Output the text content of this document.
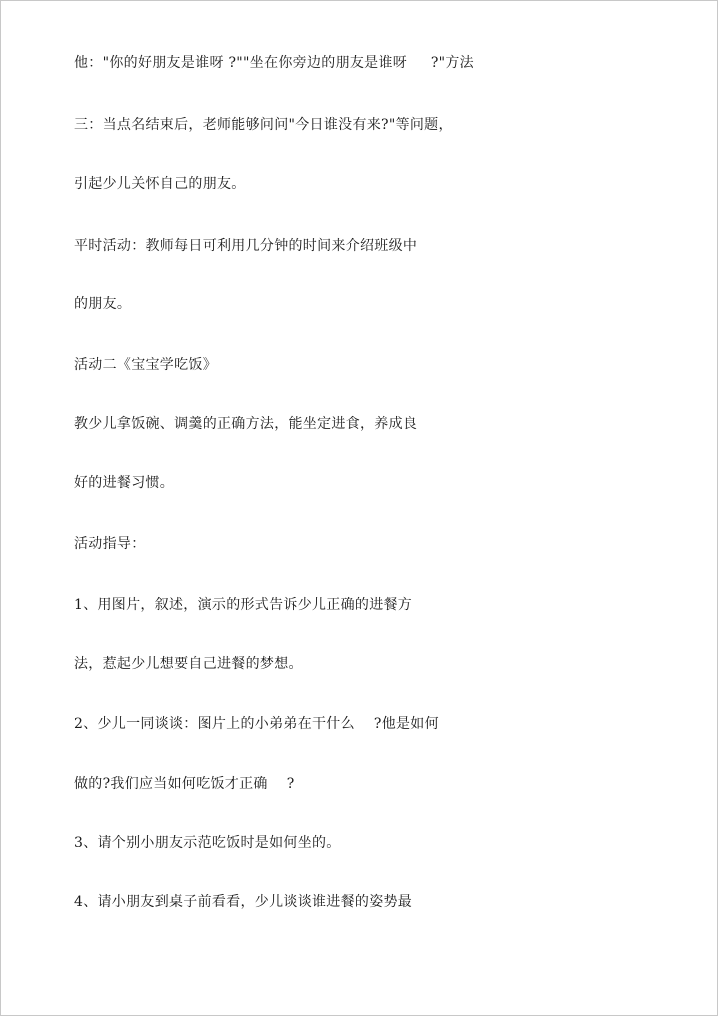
他："你的好朋友是谁呀 ?""坐在你旁边的朋友是谁呀     ?"方法
三：当点名结束后，老师能够问问"今日谁没有来?"等问题，
引起少儿关怀自己的朋友。
平时活动：教师每日可利用几分钟的时间来介绍班级中
的朋友。
活动二《宝宝学吃饭》
教少儿拿饭碗、调羹的正确方法，能坐定进食，养成良
好的进餐习惯。
活动指导：
1、用图片，叙述，演示的形式告诉少儿正确的进餐方
法，惹起少儿想要自己进餐的梦想。
2、少儿一同谈谈：图片上的小弟弟在干什么    ?他是如何
做的?我们应当如何吃饭才正确    ?
3、请个别小朋友示范吃饭时是如何坐的。
4、请小朋友到桌子前看看，少儿谈谈谁进餐的姿势最
